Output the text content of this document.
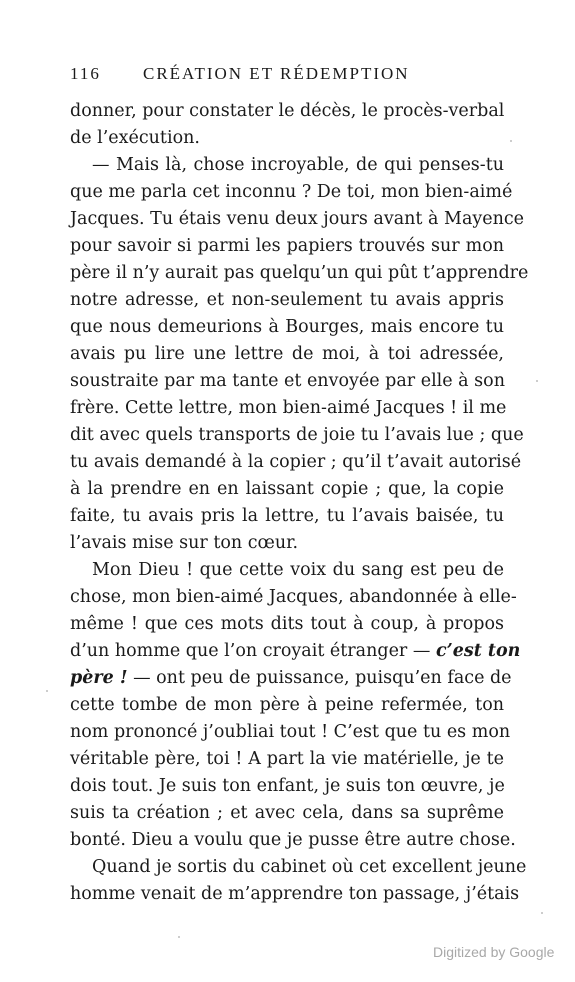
116 CRÉATION ET RÉDEMPTION
donner, pour constater le décès, le procès-verbal
de l’exécution.
— Mais là, chose incroyable, de qui penses-tu
que me parla cet inconnu ? De toi, mon bien-aimé
Jacques. Tu étais venu deux jours avant à Mayence
pour savoir si parmi les papiers trouvés sur mon
père il n’y aurait pas quelqu’un qui pût t’apprendre
notre adresse, et non-seulement tu avais appris
que nous demeurions à Bourges, mais encore tu
avais pu lire une lettre de moi, à toi adressée,
soustraite par ma tante et envoyée par elle à son
frère. Cette lettre, mon bien-aimé Jacques ! il me
dit avec quels transports de joie tu l’avais lue ; que
tu avais demandé à la copier ; qu’il t’avait autorisé
à la prendre en en laissant copie ; que, la copie
faite, tu avais pris la lettre, tu l’avais baisée, tu
l’avais mise sur ton cœur.
Mon Dieu ! que cette voix du sang est peu de
chose, mon bien-aimé Jacques, abandonnée à elle-
même ! que ces mots dits tout à coup, à propos
d’un homme que l’on croyait étranger — c’est ton
père ! — ont peu de puissance, puisqu’en face de
cette tombe de mon père à peine refermée, ton
nom prononcé j’oubliai tout ! C’est que tu es mon
véritable père, toi ! A part la vie matérielle, je te
dois tout. Je suis ton enfant, je suis ton œuvre, je
suis ta création ; et avec cela, dans sa suprême
bonté. Dieu a voulu que je pusse être autre chose.
Quand je sortis du cabinet où cet excellent jeune
homme venait de m’apprendre ton passage, j’étais
Digitized by Google
